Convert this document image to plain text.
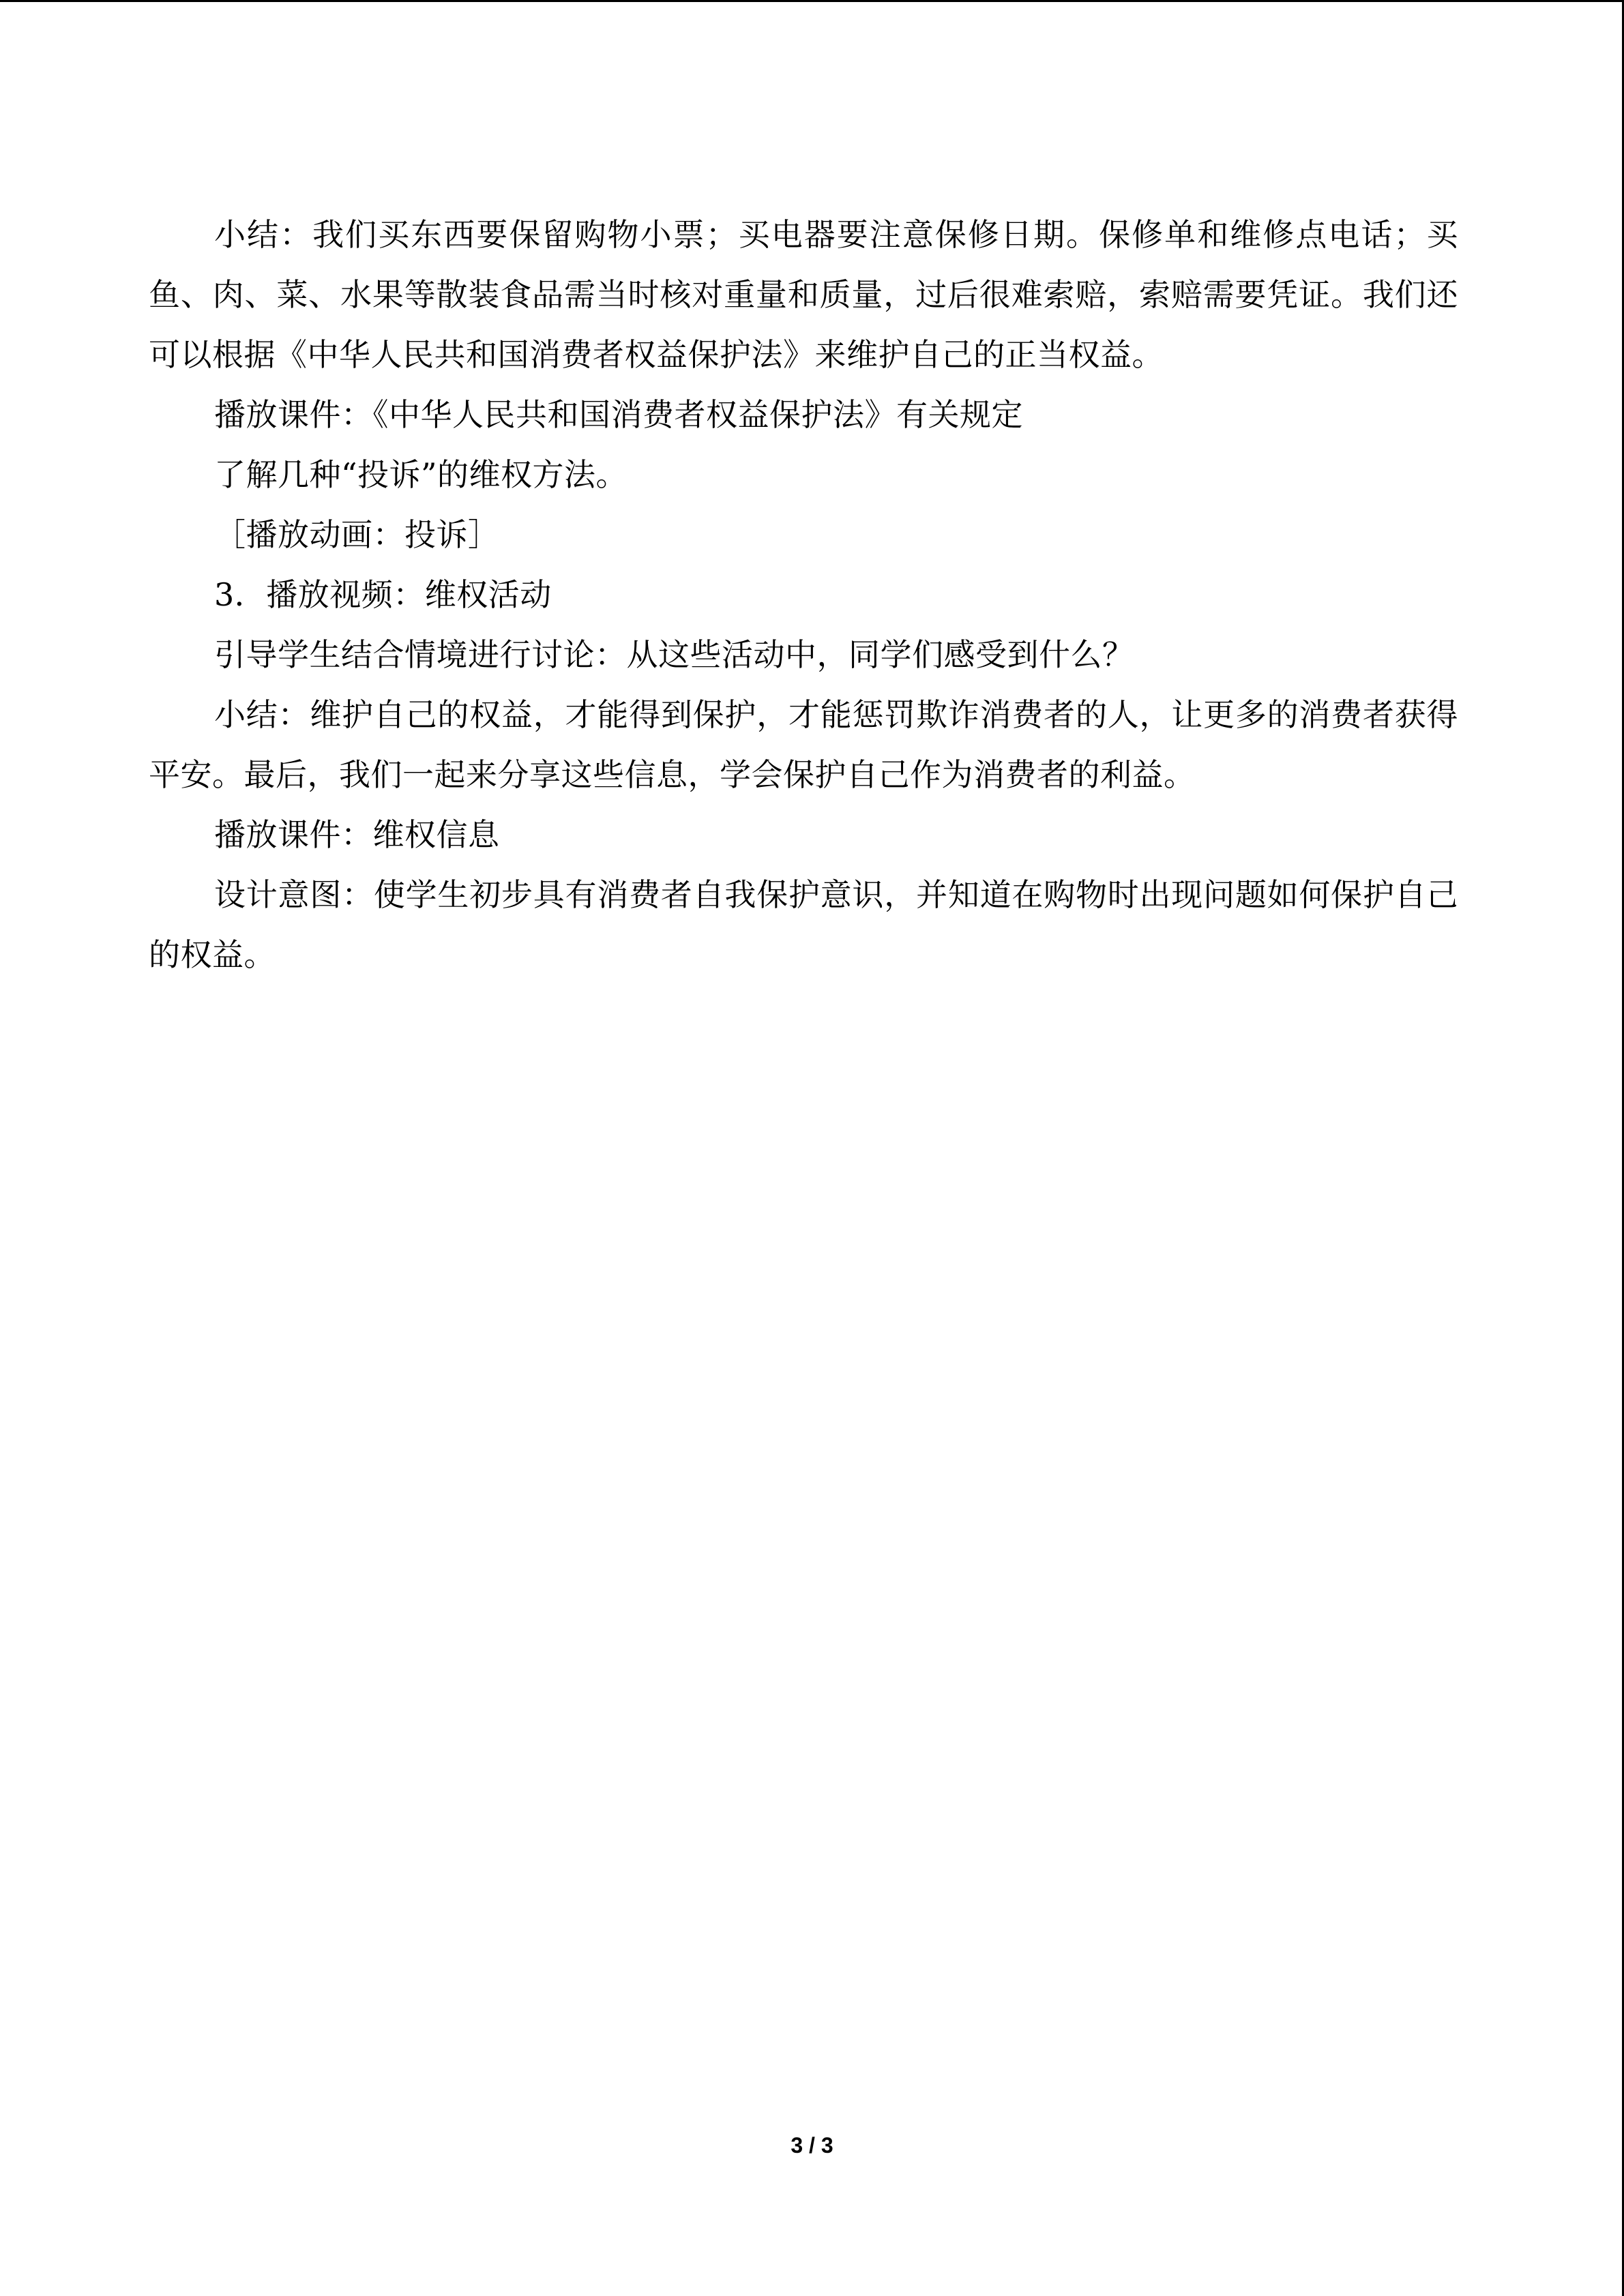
小结：我们买东西要保留购物小票；买电器要注意保修日期。保修单和维修点电话；买鱼、肉、菜、水果等散装食品需当时核对重量和质量，过后很难索赔，索赔需要凭证。我们还可以根据《中华人民共和国消费者权益保护法》来维护自己的正当权益。

播放课件：《中华人民共和国消费者权益保护法》有关规定

了解几种“投诉”的维权方法。

［播放动画：投诉］

3．播放视频：维权活动

引导学生结合情境进行讨论：从这些活动中，同学们感受到什么？

小结：维护自己的权益，才能得到保护，才能惩罚欺诈消费者的人，让更多的消费者获得平安。最后，我们一起来分享这些信息，学会保护自己作为消费者的利益。

播放课件：维权信息

设计意图：使学生初步具有消费者自我保护意识，并知道在购物时出现问题如何保护自己的权益。

3 / 3
